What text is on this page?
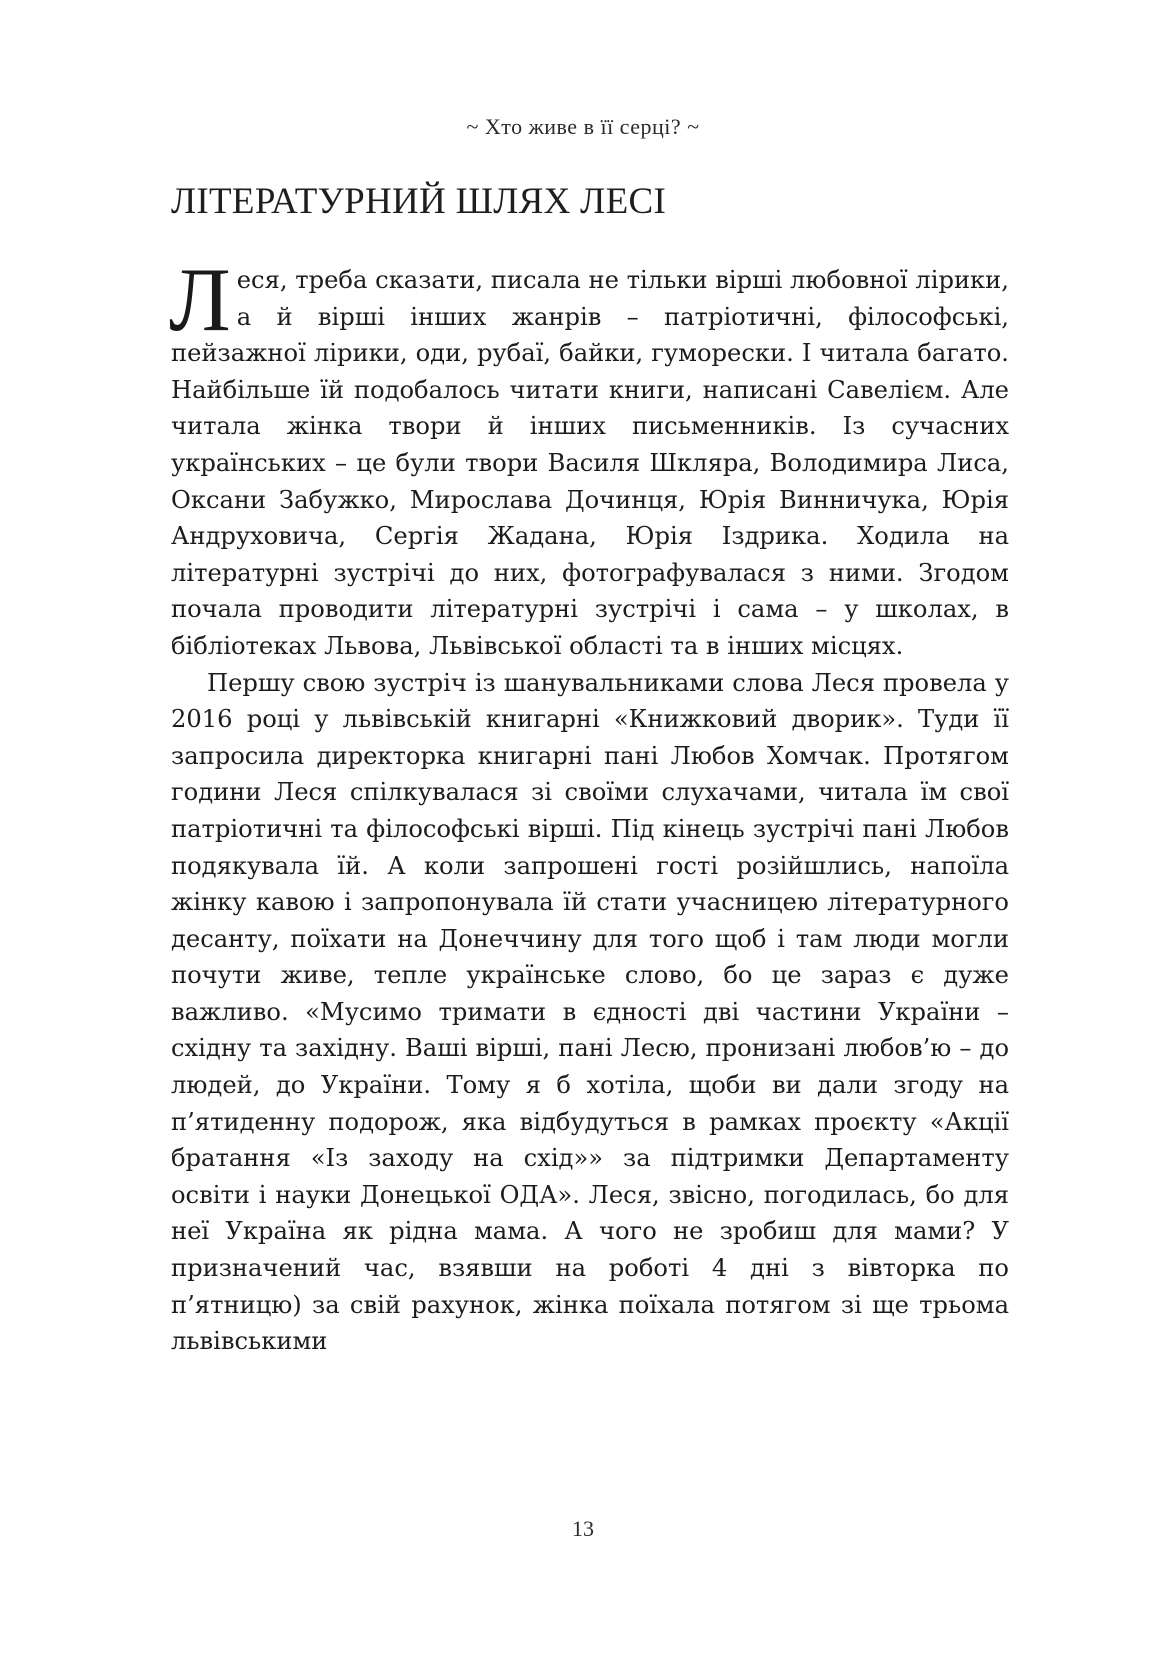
~ Хто живе в її серці? ~
ЛІТЕРАТУРНИЙ ШЛЯХ ЛЕСІ

Леся, треба сказати, писала не тільки вірші любовної лірики, а й вірші інших жанрів – патріотичні, філософські, пейзажної лірики, оди, рубаї, байки, гуморески. І читала багато. Найбільше їй подобалось читати книги, написані Савелієм. Але читала жінка твори й інших письменників. Із сучасних українських – це були твори Василя Шкляра, Володимира Лиса, Оксани Забужко, Мирослава Дочинця, Юрія Винничука, Юрія Андруховича, Сергія Жадана, Юрія Іздрика. Ходила на літературні зустрічі до них, фотографувалася з ними. Згодом почала проводити літературні зустрічі і сама – у школах, в бібліотеках Львова, Львівської області та в інших місцях.

Першу свою зустріч із шанувальниками слова Леся провела у 2016 році у львівській книгарні «Книжковий дворик». Туди її запросила директорка книгарні пані Любов Хомчак. Протягом години Леся спілкувалася зі своїми слухачами, читала їм свої патріотичні та філософські вірші. Під кінець зустрічі пані Любов подякувала їй. А коли запрошені гості розійшлись, напоїла жінку кавою і запропонувала їй стати учасницею літературного десанту, поїхати на Донеччину для того щоб і там люди могли почути живе, тепле українське слово, бо це зараз є дуже важливо. «Мусимо тримати в єдності дві частини України – східну та західну. Ваші вірші, пані Лесю, пронизані любов’ю – до людей, до України. Тому я б хотіла, щоби ви дали згоду на п’ятиденну подорож, яка відбудуться в рамках проєкту «Акції братання «Із заходу на схід»» за підтримки Департаменту освіти і науки Донецької ОДА». Леся, звісно, погодилась, бо для неї Україна як рідна мама. А чого не зробиш для мами? У призначений час, взявши на роботі 4 дні з вівторка по п’ятницю) за свій рахунок, жінка поїхала потягом зі ще трьома львівськими

13
